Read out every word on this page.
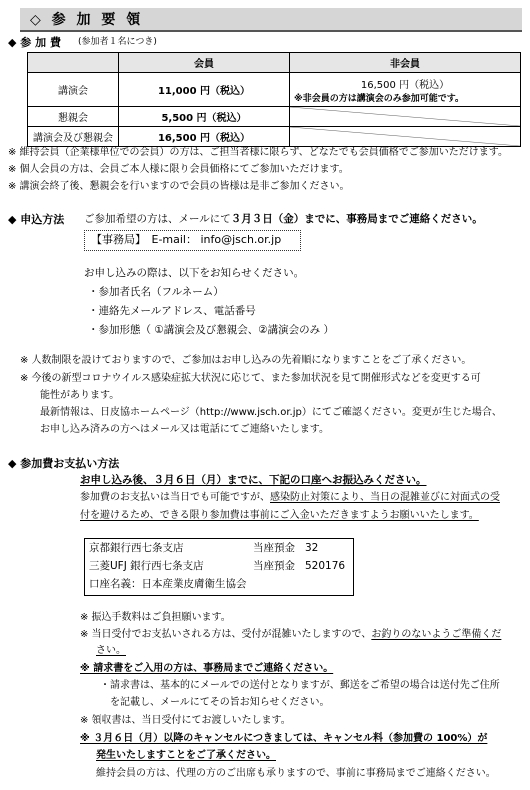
◇ 参 加 要 領
◆ 参 加 費 (参加者１名につき)
	会員	非会員
講演会	11,000 円（税込）	16,500 円（税込）
※非会員の方は講演会のみ参加可能です。

懇親会	5,500 円（税込）	

講演会及び懇親会	16,500 円（税込）	
※ 維持会員（企業様単位での会員）の方は、ご担当者様に限らず、どなたでも会員価格でご参加いただけます。
※ 個人会員の方は、会員ご本人様に限り会員価格にてご参加いただけます。
※ 講演会終了後、懇親会を行いますので会員の皆様は是非ご参加ください。
◆ 申込方法 ご参加希望の方は、メールにて３月３日（金）までに、事務局までご連絡ください。
【事務局】　E-mail： info@jsch.or.jp
お申し込みの際は、以下をお知らせください。
・参加者氏名（フルネーム）
・連絡先メールアドレス、電話番号
・参加形態（ ①講演会及び懇親会、②講演会のみ ）
※ 人数制限を設けておりますので、ご参加はお申し込みの先着順になりますことをご了承ください。
※ 今後の新型コロナウイルス感染症拡大状況に応じて、また参加状況を見て開催形式などを変更する可
能性があります。
最新情報は、日皮協ホームページ（http://www.jsch.or.jp）にてご確認ください。変更が生じた場合、
お申し込み済みの方へはメール又は電話にてご連絡いたします。
◆ 参加費お支払い方法
お申し込み後、３月６日（月）までに、下記の口座へお振込みください。
参加費のお支払いは当日でも可能ですが、感染防止対策により、当日の混雑並びに対面式の受
付を避けるため、できる限り参加費は事前にご入金いただきますようお願いいたします。
京都銀行西七条支店	当座預金 32
三菱UFJ 銀行西七条支店	当座預金 520176
口座名義：日本産業皮膚衛生協会
※ 振込手数料はご負担願います。
※ 当日受付でお支払いされる方は、受付が混雑いたしますので、お釣りのないようご準備くだ
さい。
※ 請求書をご入用の方は、事務局までご連絡ください。
・請求書は、基本的にメールでの送付となりますが、郵送をご希望の場合は送付先ご住所
を記載し、メールにてその旨お知らせください。
※ 領収書は、当日受付にてお渡しいたします。
※ ３月６日（月）以降のキャンセルにつきましては、キャンセル料（参加費の 100%）が
発生いたしますことをご了承ください。
維持会員の方は、代理の方のご出席も承りますので、事前に事務局までご連絡ください。
